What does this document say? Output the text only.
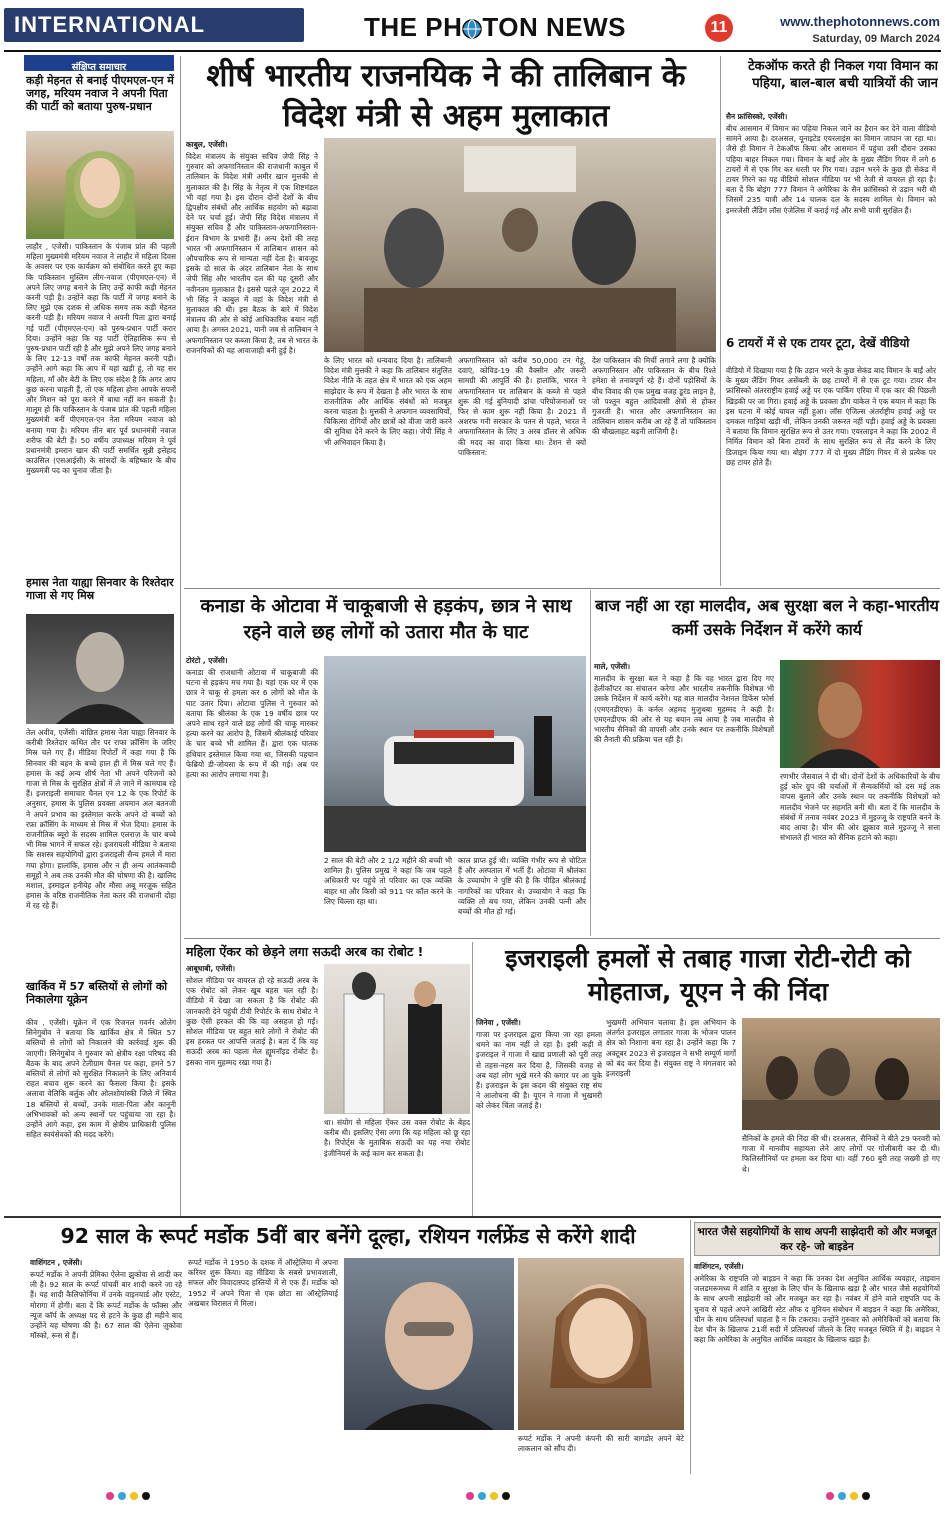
INTERNATIONAL	THE PH TON NEWS	11	www.thephotonnews.com
Saturday, 09 March 2024
संक्षिप्त समाचार
कड़ी मेहनत से बनाई पीएमएल-एन में जगह, मरियम नवाज ने अपनी पिता की पार्टी को बताया पुरुष-प्रधान
लाहौर , एजेंसी। पाकिस्तान के पंजाब प्रांत की पहली महिला मुख्यमंत्री मरियम नवाज ने लाहौर में महिला दिवस के अवसर पर एक कार्यक्रम को संबोधित करते हुए कहा कि पाकिस्तान मुस्लिम लीग-नवाज (पीएमएल-एन) में अपने लिए जगह बनाने के लिए उन्हें काफी कड़ी मेहनत करनी पड़ी है। उन्होंने कहा कि पार्टी में जगह बनाने के लिए मुझे एक दशक से अधिक समय तक कड़ी मेहनत करनी पड़ी है। मरियम नवाज ने अपनी पिता द्वारा बनाई गई पार्टी (पीएमएल-एन) को पुरुष-प्रधान पार्टी करार दिया। उन्होंने कहा कि यह पार्टी ऐतिहासिक रूप से पुरुष-प्रधान पार्टी रही है और मुझे अपने लिए जगह बनाने के लिए 12-13 वर्षों तक काफी मेहनत करनी पड़ी। उन्होंने आगे कहा कि आप में यहां खड़ी हूं, तो यह सर महिला, माँ और बेटी के लिए एक संदेश है कि अगर आप कुछ करना चाहती हैं, तो एक महिला होना आपके सपनों और मिशन को पूरा करने में बाधा नहीं बन सकती है। मालूम हो कि पाकिस्तान के पंजाब प्रांत की पहली महिला मुख्यमंत्री बनीं पीएमएल-एन नेता मरियम नवाज को बनाया गया है। मरियम तीन बार पूर्व प्रधानमंत्री नवाज शरीफ की बेटी हैं। 50 वर्षीय उपाध्यक्ष मरियम ने पूर्व प्रधानमंत्री इमरान खान की पार्टी समर्थित सुन्नी इत्तेहाद काउंसिल (एसआईसी) के सांसदों के बहिष्कार के बीच मुख्यमंत्री पद का चुनाव जीता है।
हमास नेता याह्या सिनवार के रिश्तेदार गाजा से गए मिस्र
तेल अवीव, एजेंसी। वांछित हमास नेता याह्या सिनवार के करीबी रिश्तेदार कथित तौर पर राफा क्रॉसिंग के जरिए मिस्र चले गए हैं। मीडिया रिपोर्टों में कहा गया है कि सिनवार की बहन के बच्चे हाल ही में मिस्र चले गए हैं। हमास के कई अन्य शीर्ष नेता भी अपने परिजनों को गाजा से मिस्र के सुरक्षित क्षेत्रों में ले जाने में कामयाब रहे हैं। इजराइली समाचार चैनल एन 12 के एक रिपोर्ट के अनुसार, हमास के पुलिस प्रवक्ता अयमान अल बतनजी ने अपने प्रभाव का इस्तेमाल करके अपने दो बच्चों को रफ़ा क्रॉसिंग के माध्यम से मिस्र में भेज दिया। हमास के राजनीतिक ब्यूरो के सदस्य शामिल एलराज़ के चार बच्चे भी मिस्र भागने में सफल रहे। इजरायली मीडिया ने बताया कि सशस्त्र सहयोगियों द्वारा इजराइली सैन्य हमले में मारा गया होगा। हालांकि, हमास और न ही अन्य आतंकवादी समूहों ने अब तक उनकी मौत की घोषणा की है। खालिद मशाल, इस्माइल हनीयेह और मौसा अबू मरज़ूक सहित हमास के वरिष्ठ राजनीतिक नेता कतर की राजधानी दोहा में रह रहे हैं।
खार्किव में 57 बस्तियों से लोगों को निकालेगा यूक्रेन
कीव , एजेंसी। यूक्रेन में एक रिजनल गवर्नर ओलेग सिनेगुबोव ने बताया कि खार्किव क्षेत्र में स्थित 57 बस्तियों से लोगों को निकालने की कार्रवाई शुरू की जाएगी। सिनेगुबोव ने गुरुवार को क्षेत्रीय रक्षा परिषद की बैठक के बाद अपने टेलीग्राम चैनल पर कहा, हमने 57 बस्तियों से लोगों को सुरक्षित निकालने के लिए अनिवार्य राहत बचाव शुरू करने का फैसला किया है। इसके अलावा वेलिकि बर्लुक और ओलशोयांस्की जिले में स्थित 18 बस्तियों से बच्चों, उनके माता-पिता और कानूनी अभिभावकों को अन्य स्थानों पर पहुंचाया जा रहा है। उन्होंने आगे कहा, इस काम में क्षेत्रीय प्राधिकारी पुलिस सहित स्वयंसेवकों की मदद करेंगे।
शीर्ष भारतीय राजनयिक ने की तालिबान के विदेश मंत्री से अहम मुलाकात
काबुल, एजेंसी।
विदेश मंत्रालय के संयुक्त सचिव जेपी सिंह ने गुरुवार को अफगानिस्तान की राजधानी काबुल में तालिबान के विदेश मंत्री अमीर खान मुत्तकी से मुलाकात की है। सिंह के नेतृत्व में एक शिष्टमंडल भी वहां गया है। इस दौरान दोनों देशों के बीच द्विपक्षीय संबंधों और आर्थिक सहयोग को बढ़ावा देने पर चर्चा हुई। जेपी सिंह विदेश मंत्रालय में संयुक्त सचिव हैं और पाकिस्तान-अफगानिस्तान-ईरान विभाग के प्रभारी हैं। अन्य देशों की तरह भारत भी अफगानिस्तान में तालिबान शासन को औपचारिक रूप से मान्यता नहीं देता है। बावजूद इसके दो साल के अंदर तालिबान नेता के साथ जेपी सिंह और भारतीय दल की यह दूसरी और नवीनतम मुलाकात है। इससे पहले जून 2022 में भी सिंह ने काबुल में वहां के विदेश मंत्री से मुलाकात की थी। इस बैठक के बारे में विदेश मंत्रालय की ओर से कोई आधिकारिक बयान नहीं आया है। अगस्त 2021, यानी जब से तालिबान ने अफगानिस्तान पर कब्जा किया है, तब से भारत के राजनयिकों की यह आवाजाही बनी हुई है।
के लिए भारत को धन्यवाद दिया है। तालिबानी विदेश मंत्री मुत्तकी ने कहा कि तालिबान संतुलित विदेश नीति के तहत क्षेत्र में भारत को एक अहम साझेदार के रूप में देखता है और भारत के साथ राजनीतिक और आर्थिक संबंधों को मजबूत करना चाहता है। मुत्तकी ने अफगान व्यवसायियों, चिकित्सा रोगियों और छात्रों को वीजा जारी करने की सुविधा देने करने के लिए कहा। जेपी सिंह ने भी अभिवादन किया है।
अफगानिस्तान को करीब 50,000 टन गेहूं, दवाएं, कोविड-19 की वैक्सीन और जरूरी सामग्री की आपूर्ति की है। हालांकि, भारत ने अफगानिस्तान पर तालिबान के कब्जे से पहले शुरू की गई बुनियादी ढांचा परियोजनाओं पर फिर से काम शुरू नहीं किया है। 2021 में अशरफ गनी सरकार के पतन से पहले, भारत ने अफगानिस्तान के लिए 3 अरब डॉलर से अधिक की मदद का वादा किया था। टेंशन से क्यों पाकिस्तान:
देश पाकिस्तान की मिर्ची लगाने लगा है क्योंकि अफगानिस्तान और पाकिस्तान के बीच रिश्ते हमेशा से तनावपूर्ण रहे हैं। दोनों पड़ोसियों के बीच विवाद की एक प्रमुख वजह डूरंड लाइन है, जो पश्तून बहुल आदिवासी क्षेत्रों से होकर गुजरती है। भारत और अफगानिस्तान का तालिबान शासन करीब आ रहे हैं तो पाकिस्तान की बौखलाहट बढ़नी लाजिमी है।
टेकऑफ करते ही निकल गया विमान का पहिया, बाल-बाल बची यात्रियों की जान
सैन फ्रांसिस्को, एजेंसी।
बीच आसमान में विमान का पहिया निकल जाने का हैरान कर देने वाला वीडियो सामने आया है। दरअसल, यूनाइटेड एयरलाइंस का विमान जापान जा रहा था। जैसे ही विमान ने टेकऑफ किया और आसमान में पहुंचा उसी दौरान उसका पहिया बाहर निकल गया। विमान के बाईं ओर के मुख्य लैंडिंग गियर में लगे 6 टायरों में से एक गिर कर धरती पर गिर गया। उड़ान भरने के कुछ ही सेकंड में टायर गिरने का यह वीडियो सोशल मीडिया पर भी तेजी से वायरल हो रहा है। बता दें कि बोइंग 777 विमान ने अमेरिका के सैन फ्रांसिस्को से उड़ान भरी थी जिसमें 235 यात्री और 14 चालक दल के सदस्य शामिल थे। विमान को इमरजेंसी लैंडिंग लॉस एंजेलिस में कराई गई और सभी यात्री सुरक्षित हैं।
6 टायरों में से एक टायर टूटा, देखें वीडियो
वीडियो में दिखाया गया है कि उड़ान भरने के कुछ सेकंड बाद विमान के बाईं ओर के मुख्य लैंडिंग गियर असेंबली के छह टायरों में से एक टूट गया। टायर सैन फ्रांसिस्को अंतरराष्ट्रीय हवाई अड्डे पर एक पार्किंग एरिया में एक कार की पिछली खिड़की पर जा गिरा। हवाई अड्डे के प्रवक्ता डौग याकेल ने एक बयान में कहा कि इस घटना में कोई घायल नहीं हुआ। लॉस एंजिल्स अंतर्राष्ट्रीय हवाई अड्डे पर दमकल गाड़ियां खड़ी थीं, लेकिन उनकी जरूरत नहीं पड़ी। हवाई अड्डे के प्रवक्ता ने बताया कि विमान सुरक्षित रूप से उतर गया। एयरलाइन ने कहा कि 2002 में निर्मित विमान को बिना टायरों के साथ सुरक्षित रूप से लैंड करने के लिए डिजाइन किया गया था। बोइंग 777 में दो मुख्य लैंडिंग गियर में से प्रत्येक पर छह टायर होते हैं।
कनाडा के ओटावा में चाकूबाजी से हड़कंप, छात्र ने साथ रहने वाले छह लोगों को उतारा मौत के घाट
टोरंटो , एजेंसी।
कनाडा की राजधानी ओटावा में चाकूबाजी की घटना से हड़कंप मच गया है। यहां एक घर में एक छात्र ने चाकू से हमला कर 6 लोगों को मौत के घाट उतार दिया। ओटावा पुलिस ने गुरुवार को बताया कि श्रीलंका के एक 19 वर्षीय छात्र पर अपने साथ रहने वाले छह लोगों की चाकू मारकर हत्या करने का आरोप है, जिसमें श्रीलंकाई परिवार के चार बच्चे भी शामिल हैं। द्वारा एक घातक हथियार इस्तेमाल किया गया था, जिसकी पहचान फेब्रियो डी-जोयसा के रूप में की गई। अब पर हत्या का आरोप लगाया गया है।
2 साल की बेटी और 2 1/2 महीने की बच्ची भी शामिल है। पुलिस प्रमुख ने कहा कि जब पहले अधिकारी घर पहुंचे तो परिवार का एक व्यक्ति बाहर था और किसी को 911 पर कॉल करने के लिए चिल्ला रहा था।
काल प्राप्त हुई थी। व्यक्ति गंभीर रूप से चोटिल हैं और अस्पताल में भर्ती हैं। ओटावा में श्रीलंका के उच्चायोग ने पुष्टि की है कि पीड़ित श्रीलंकाई नागरिकों का परिवार थे। उच्चायोग ने कहा कि व्यक्ति तो बच गया, लेकिन उनकी पत्नी और बच्चों की मौत हो गई।
बाज नहीं आ रहा मालदीव, अब सुरक्षा बल ने कहा-भारतीय कर्मी उसके निर्देशन में करेंगे कार्य
माले, एजेंसी।
मालदीव के सुरक्षा बल ने कहा है कि वह भारत द्वारा दिए गए हेलीकॉप्टर का संचालन करेगा और भारतीय तकनीकि विशेषज्ञ भी उसके निर्देशन में कार्य करेंगे। यह बात मालदीव नेशनल डिफेंस फोर्स (एमएनडीएफ) के कर्नल अहमद मुजुथबा मुहम्मद ने कही है। एमएनडीएफ की ओर से यह बयान तब आया है जब मालदीव से भारतीय सैनिकों की वापसी और उनके स्थान पर तकनीकि विशेषज्ञों की तैनाती की प्रक्रिया चल रही है।
रणभीर जैसवाल ने दी थी। दोनों देशों के अधिकारियों के बीच हुई कोर ग्रुप की चर्चाओं में सैन्यकर्मियों को दस मई तक वापस बुलाने और उनके स्थान पर तकनीकि विशेषज्ञों को मालदीव भेजने पर सहमति बनी थी। बता दें कि मालदीव के संबंधों में तनाव नवंबर 2023 में मुइज्जू के राष्ट्रपति बनने के बाद आया है। चीन की ओर झुकाव वाले मुइज्जू ने सत्ता संभालते ही भारत को सैनिक हटाने को कहा।
महिला ऐंकर को छेड़ने लगा सऊदी अरब का रोबोट !
आबूधाबी, एजेंसी।
सोशल मीडिया पर वायरल हो रहे सऊदी अरब के एक रोबोट को लेकर खूब बहस चल रही है। वीडियो में देखा जा सकता है कि रोबोट की जानकारी देने पहुंची टीवी रिपोर्टर के साथ रोबोट ने कुछ ऐसी हरकत की कि वह असहज हो गईं। सोशल मीडिया पर बहुत सारे लोगों ने रोबोट की इस हरकत पर आपत्ति जताई है। बता दें कि यह सऊदी अरब का पहला मेल ह्यूमनॉइड रोबोट है। इसका नाम मुहम्मद रखा गया है।
था। संयोग से महिला ऐंकर उस वक्त रोबोट के बेहद करीब थी। इसलिए ऐसा लगा कि यह महिला को छू रहा है। रिपोर्ट्स के मुताबिक सऊदी का यह नया रोबोट इंजीनियर्स के कई काम कर सकता है।
इजराइली हमलों से तबाह गाजा रोटी-रोटी को मोहताज, यूएन ने की निंदा
जिनेवा , एजेंसी।
गाजा पर इजराइल द्वारा किया जा रहा हमला थमने का नाम नहीं ले रहा है। इसी कड़ी में इजराइल ने गाजा में खाद्य प्रणाली को पूरी तरह से तहस-नहस कर दिया है, जिसकी वजह से अब यहां लोग भूखे मरने की कगार पर आ चुके हैं। इजराइल के इस कदम की संयुक्त राष्ट्र संघ ने आलोचना की है। यूएन ने गाजा में भुखमरी को लेकर चिंता जताई है।
भुखमरी अभियान चलाया है। इस अभियान के अंतर्गत इजराइल लगातार गाजा के भोजन पालन क्षेत्र को निशाना बना रहा है। उन्होंने कहा कि 7 अक्टूबर 2023 से इजराइल ने सभी सम्पूर्ण मार्गों को बंद कर दिया है। संयुक्त राष्ट्र ने मंगलवार को इजराइली
सैनिकों के हमले की निंदा की थी। दरअसल, सैनिकों ने बीते 29 फरवरी को गाजा में मानवीय सहायता लेने आए लोगों पर गोलीबारी कर दी थी। फिलिस्तीनियों पर हमला कर दिया था। वहीं 760 बुरी तरह जख्मी हो गए थे।
92 साल के रूपर्ट मर्डोक 5वीं बार बनेंगे दूल्हा, रशियन गर्लफ्रेंड से करेंगे शादी
वाशिंगटन , एजेंसी।
रूपर्ट मर्डोक ने अपनी प्रेमिका ऐलेना झुकोवा से शादी कर ली है। 92 साल के रूपर्ट पांचवीं बार शादी करने जा रहे हैं। यह शादी कैलिफोर्निया में उनके वाइनयार्ड और एस्टेट, मोरागा में होगी। बता दें कि रूपर्ट मर्डोक के फॉक्स और न्यूज कॉर्प के अध्यक्ष पद से हटने के कुछ ही महीने बाद उन्होंने यह घोषणा की है। 67 साल की ऐलेना ज़ुकोवा मॉस्को, रूस से हैं।
रूपर्ट मर्डोक ने 1950 के दशक में ऑस्ट्रेलिया में अपना करियर शुरू किया। वह मीडिया के सबसे प्रभावशाली, सफल और विवादास्पद हस्तियों में से एक हैं। मर्डोक को 1952 में अपने पिता से एक छोटा सा ऑस्ट्रेलियाई अखबार विरासत में मिला।
रूपर्ट मर्डोक ने अपनी कंपनी की सारी बागडोर अपने बेटे लाकलान को सौंप दी।
भारत जैसे सहयोगियों के साथ अपनी साझेदारी को और मजबूत कर रहे- जो बाइडेन
वाशिंगटन, एजेंसी।
अमेरिका के राष्ट्रपति जो बाइडन ने कहा कि उनका देश अनुचित आर्थिक व्यवहार, ताइवान जलडमरूमध्य में शांति व सुरक्षा के लिए चीन के खिलाफ खड़ा है और भारत जैसे सहयोगियों के साथ अपनी साझेदारी को और मजबूत कर रहा है। नवंबर में होने वाले राष्ट्रपति पद के चुनाव से पहले अपने आखिरी स्टेट ऑफ द यूनियन संबोधन में बाइडन ने कहा कि अमेरिका, चीन के साथ प्रतिस्पर्धा चाहता है न कि टकराव। उन्होंने गुरुवार को अमेरिकियों को बताया कि देश चीन के खिलाफ 21वीं सदी में प्रतिस्पर्धा जीतने के लिए मजबूत स्थिति में है। बाइडन ने कहा कि अमेरिका के अनुचित आर्थिक व्यवहार के खिलाफ खड़ा है।
